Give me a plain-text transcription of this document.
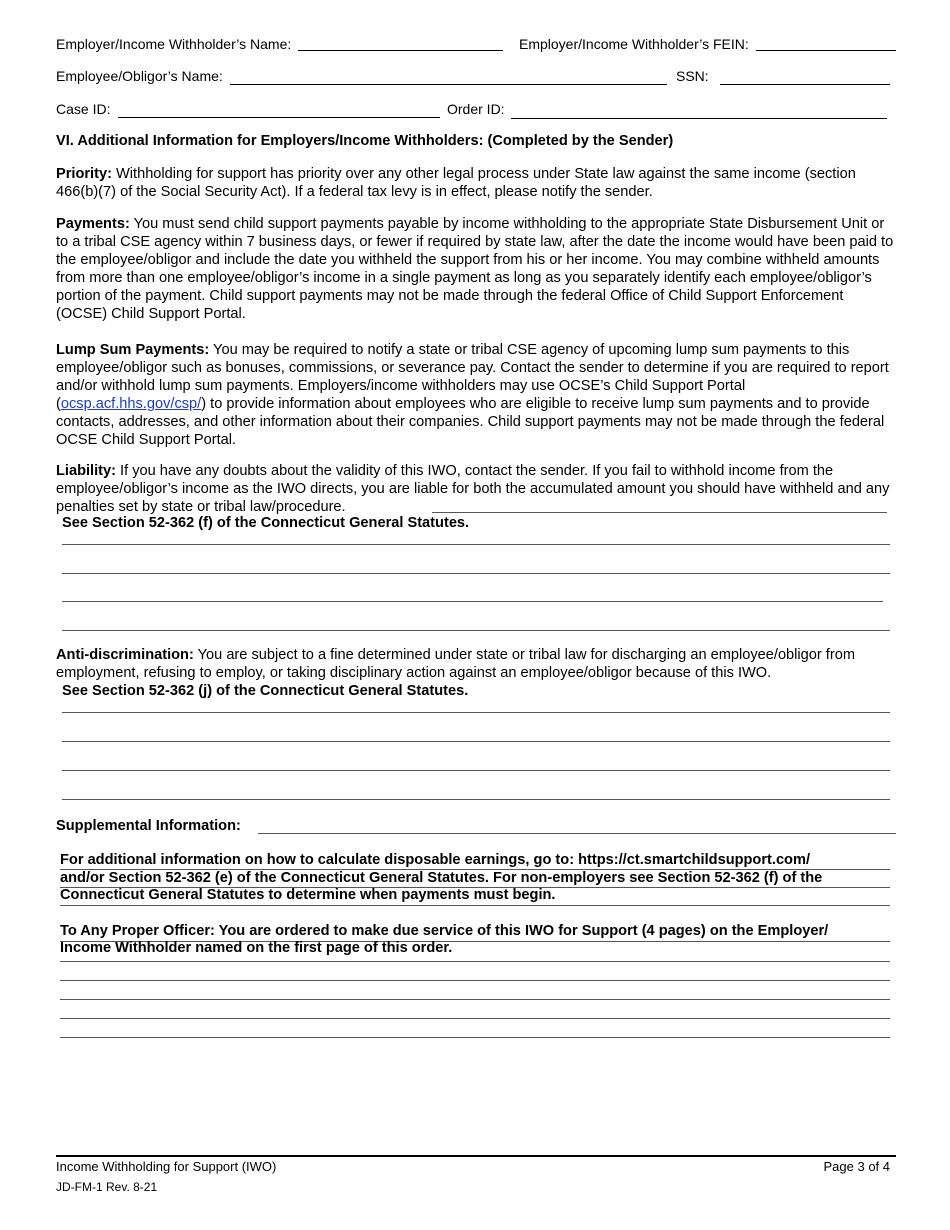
Employer/Income Withholder’s Name:	Employer/Income Withholder’s FEIN:
Employee/Obligor’s Name:	SSN:
Case ID:	Order ID:
VI. Additional Information for Employers/Income Withholders: (Completed by the Sender)
Priority: Withholding for support has priority over any other legal process under State law against the same income (section 466(b)(7) of the Social Security Act). If a federal tax levy is in effect, please notify the sender.
Payments: You must send child support payments payable by income withholding to the appropriate State Disbursement Unit or to a tribal CSE agency within 7 business days, or fewer if required by state law, after the date the income would have been paid to the employee/obligor and include the date you withheld the support from his or her income. You may combine withheld amounts from more than one employee/obligor’s income in a single payment as long as you separately identify each employee/obligor’s portion of the payment. Child support payments may not be made through the federal Office of Child Support Enforcement (OCSE) Child Support Portal.
Lump Sum Payments: You may be required to notify a state or tribal CSE agency of upcoming lump sum payments to this employee/obligor such as bonuses, commissions, or severance pay. Contact the sender to determine if you are required to report and/or withhold lump sum payments. Employers/income withholders may use OCSE’s Child Support Portal (ocsp.acf.hhs.gov/csp/) to provide information about employees who are eligible to receive lump sum payments and to provide contacts, addresses, and other information about their companies. Child support payments may not be made through the federal OCSE Child Support Portal.
Liability: If you have any doubts about the validity of this IWO, contact the sender. If you fail to withhold income from the employee/obligor’s income as the IWO directs, you are liable for both the accumulated amount you should have withheld and any penalties set by state or tribal law/procedure.
See Section 52-362 (f) of the Connecticut General Statutes.
Anti-discrimination: You are subject to a fine determined under state or tribal law for discharging an employee/obligor from employment, refusing to employ, or taking disciplinary action against an employee/obligor because of this IWO.
See Section 52-362 (j) of the Connecticut General Statutes.
Supplemental Information:
For additional information on how to calculate disposable earnings, go to: https://ct.smartchildsupport.com/
and/or Section 52-362 (e) of the Connecticut General Statutes. For non-employers see Section 52-362 (f) of the
Connecticut General Statutes to determine when payments must begin.
To Any Proper Officer: You are ordered to make due service of this IWO for Support (4 pages) on the Employer/
Income Withholder named on the first page of this order.
Income Withholding for Support (IWO)	Page 3 of 4
JD-FM-1 Rev. 8-21
